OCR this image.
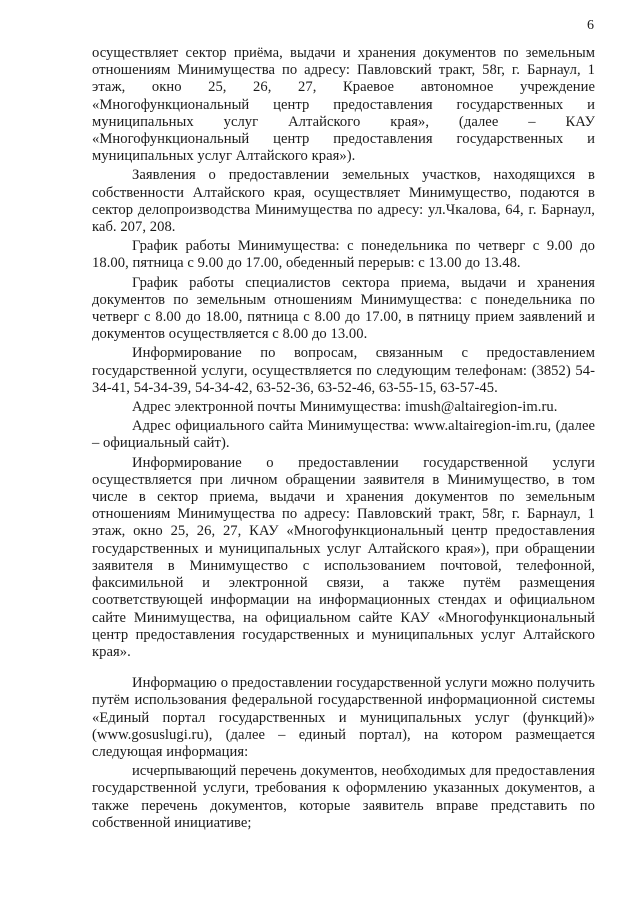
6

осуществляет сектор приёма, выдачи и хранения документов по земельным отношениям Минимущества по адресу: Павловский тракт, 58г, г. Барнаул, 1 этаж, окно 25, 26, 27, Краевое автономное учреждение «Многофункциональный центр предоставления государственных и муниципальных услуг Алтайского края», (далее – КАУ «Многофункциональный центр предоставления государственных и муниципальных услуг Алтайского края»).

Заявления о предоставлении земельных участков, находящихся в собственности Алтайского края, осуществляет Минимущество, подаются в сектор делопроизводства Минимущества по адресу: ул.Чкалова, 64, г. Барнаул, каб. 207, 208.

График работы Минимущества: с понедельника по четверг с 9.00 до 18.00, пятница с 9.00 до 17.00, обеденный перерыв: с 13.00 до 13.48.

График работы специалистов сектора приема, выдачи и хранения документов по земельным отношениям Минимущества: с понедельника по четверг с 8.00 до 18.00, пятница с 8.00 до 17.00, в пятницу прием заявлений и документов осуществляется с 8.00 до 13.00.

Информирование по вопросам, связанным с предоставлением государственной услуги, осуществляется по следующим телефонам: (3852) 54-34-41, 54-34-39, 54-34-42, 63-52-36, 63-52-46, 63-55-15, 63-57-45.

Адрес электронной почты Минимущества: imush@altairegion-im.ru.

Адрес официального сайта Минимущества: www.altairegion-im.ru, (далее – официальный сайт).

Информирование о предоставлении государственной услуги осуществляется при личном обращении заявителя в Минимущество, в том числе в сектор приема, выдачи и хранения документов по земельным отношениям Минимущества по адресу: Павловский тракт, 58г, г. Барнаул, 1 этаж, окно 25, 26, 27, КАУ «Многофункциональный центр предоставления государственных и муниципальных услуг Алтайского края»), при обращении заявителя в Минимущество с использованием почтовой, телефонной, факсимильной и электронной связи, а также путём размещения соответствующей информации на информационных стендах и официальном сайте Минимущества, на официальном сайте КАУ «Многофункциональный центр предоставления государственных и муниципальных услуг Алтайского края».

Информацию о предоставлении государственной услуги можно получить путём использования федеральной государственной информационной системы «Единый портал государственных и муниципальных услуг (функций)» (www.gosuslugi.ru), (далее – единый портал), на котором размещается следующая информация:

исчерпывающий перечень документов, необходимых для предоставления государственной услуги, требования к оформлению указанных документов, а также перечень документов, которые заявитель вправе представить по собственной инициативе;
